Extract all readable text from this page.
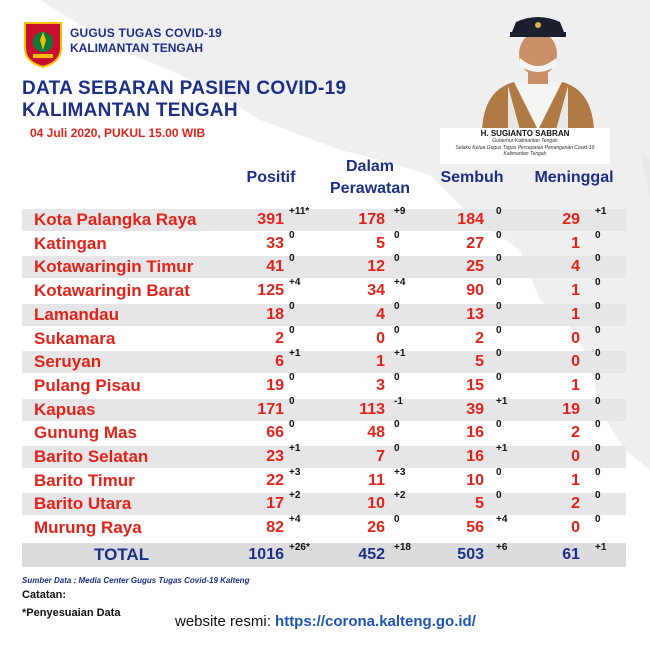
GUGUS TUGAS COVID-19
KALIMANTAN TENGAH
DATA SEBARAN PASIEN COVID-19
KALIMANTAN TENGAH
04 Juli 2020, PUKUL 15.00 WIB	H. SUGIANTO SABRAN
Gubernur Kalimantan Tengah
Selaku Ketua Gugus Tugas Percepatan Penanganan Covid-19
Kalimantan Tengah
Positif
Dalam
Perawatan
Sembuh	Meninggal
Kota Palangka Raya	391 +11*	178 +9	184 0	29 +1
Katingan	33 0	5 0	27 0	1 0
Kotawaringin Timur	41 0	12 0	25 0	4 0
Kotawaringin Barat	125 +4	34 +4	90 0	1 0
Lamandau	18 0	4 0	13 0	1 0
Sukamara	2 0	0 0	2 0	0 0
Seruyan	6 +1	1 +1	5 0	0 0
Pulang Pisau	19 0	3 0	15 0	1 0
Kapuas	171 0	113 -1	39 +1	19 0
Gunung Mas	66 0	48 0	16 0	2 0
Barito Selatan	23 +1	7 0	16 +1	0 0
Barito Timur	22 +3	11 +3	10 0	1 0
Barito Utara	17 +2	10 +2	5 0	2 0
Murung Raya	82 +4	26 0	56 +4	0 0
TOTAL	1016 +26*	452 +18	503 +6	61 +1
Sumber Data : Media Center Gugus Tugas Covid-19 Kalteng
Catatan:
*Penyesuaian Data	website resmi: https://corona.kalteng.go.id/
